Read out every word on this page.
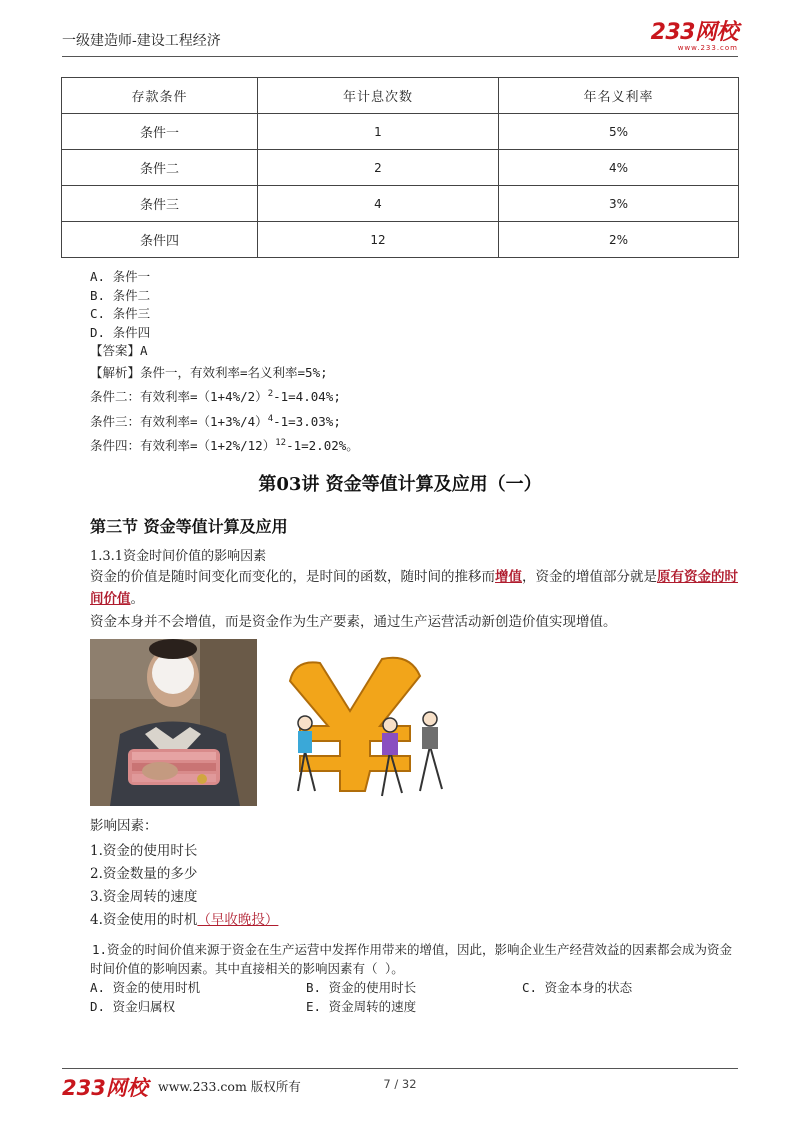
一级建造师-建设工程经济	233网校
www.233.com
存款条件	年计息次数	年名义利率
条件一	1	5%
条件二	2	4%
条件三	4	3%
条件四	12	2%
A. 条件一
B. 条件二
C. 条件三
D. 条件四
【答案】A
【解析】条件一，有效利率=名义利率=5%;
条件二：有效利率$=(1+4\%/2)^2-1=4.04\%$;
条件三：有效利率$=(1+3\%/4)^4-1=3.03\%$;
条件四：有效利率$=(1+2\%/12)^{12}-1=2.02\%$。
第03讲 资金等值计算及应用（一）
第三节 资金等值计算及应用
1.3.1资金时间价值的影响因素
资金的价值是随时间变化而变化的，是时间的函数，随时间的推移而增值，资金的增值部分就是原有资金的时间价值。
资金本身并不会增值，而是资金作为生产要素，通过生产运营活动新创造价值实现增值。
影响因素：
1.资金的使用时长
2.资金数量的多少
3.资金周转的速度
4.资金使用的时机（早收晚投）
1.资金的时间价值来源于资金在生产运营中发挥作用带来的增值，因此，影响企业生产经营效益的因素都会成为资金时间价值的影响因素。其中直接相关的影响因素有（ ）。
A. 资金的使用时机	B. 资金的使用时长	C. 资金本身的状态
D. 资金归属权	E. 资金周转的速度
233网校 www.233.com 版权所有	7 / 32
